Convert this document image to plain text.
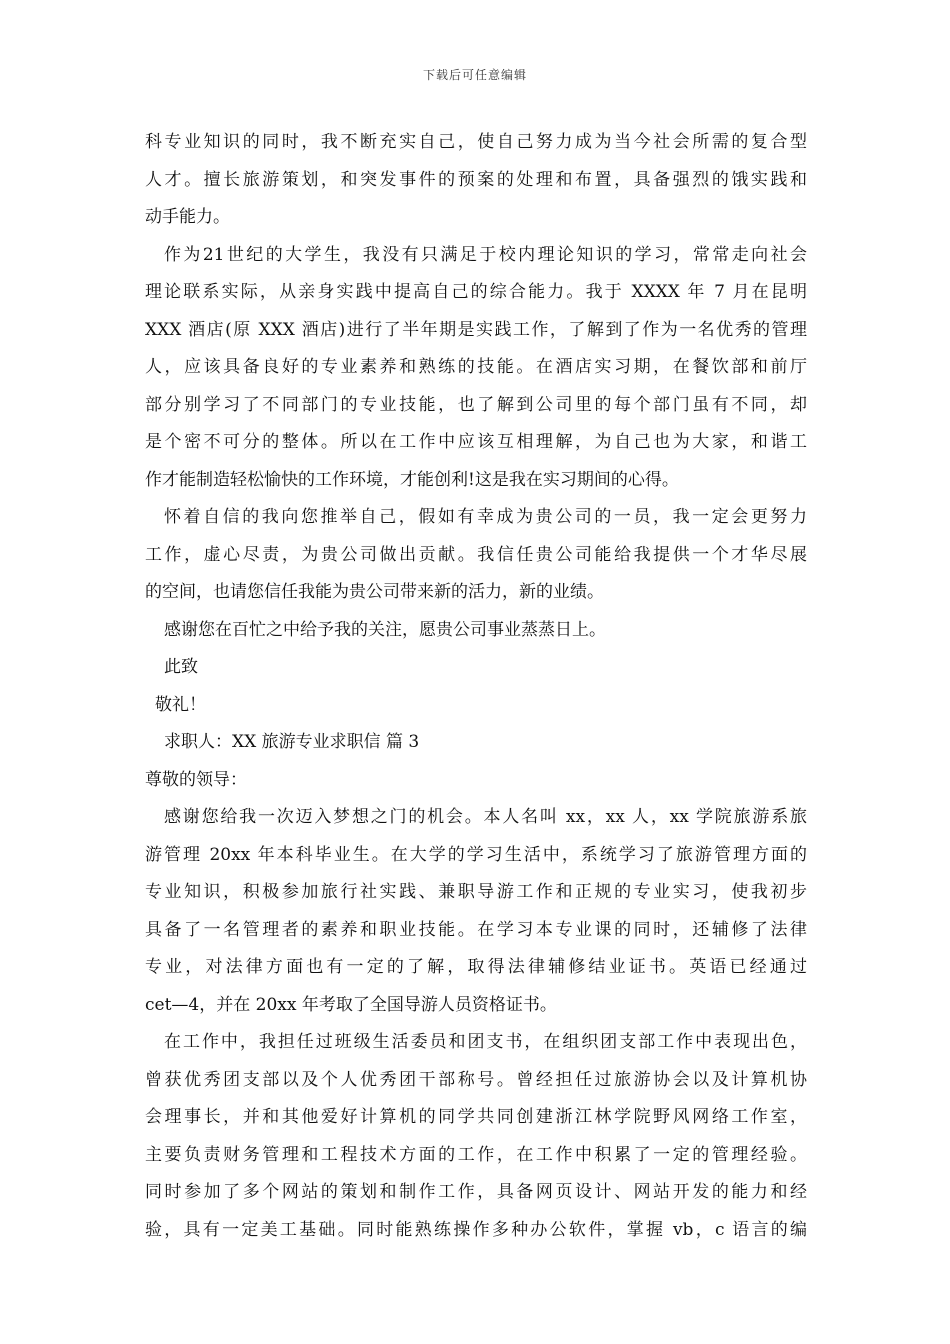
下载后可任意编辑
科专业知识的同时，我不断充实自己，使自己努力成为当今社会所需的复合型
人才。擅长旅游策划，和突发事件的预案的处理和布置，具备强烈的饿实践和
动手能力。
作为21世纪的大学生，我没有只满足于校内理论知识的学习，常常走向社会
理论联系实际，从亲身实践中提高自己的综合能力。我于 XXXX 年 7 月在昆明
XXX 酒店(原 XXX 酒店)进行了半年期是实践工作，了解到了作为一名优秀的管理
人，应该具备良好的专业素养和熟练的技能。在酒店实习期，在餐饮部和前厅
部分别学习了不同部门的专业技能，也了解到公司里的每个部门虽有不同，却
是个密不可分的整体。所以在工作中应该互相理解，为自己也为大家，和谐工
作才能制造轻松愉快的工作环境，才能创利!这是我在实习期间的心得。
怀着自信的我向您推举自己，假如有幸成为贵公司的一员，我一定会更努力
工作，虚心尽责，为贵公司做出贡献。我信任贵公司能给我提供一个才华尽展
的空间，也请您信任我能为贵公司带来新的活力，新的业绩。
感谢您在百忙之中给予我的关注，愿贵公司事业蒸蒸日上。
此致
敬礼！
求职人：XX 旅游专业求职信 篇 3
尊敬的领导：
感谢您给我一次迈入梦想之门的机会。本人名叫 xx，xx 人，xx 学院旅游系旅
游管理 20xx 年本科毕业生。在大学的学习生活中，系统学习了旅游管理方面的
专业知识，积极参加旅行社实践、兼职导游工作和正规的专业实习，使我初步
具备了一名管理者的素养和职业技能。在学习本专业课的同时，还辅修了法律
专业，对法律方面也有一定的了解，取得法律辅修结业证书。英语已经通过
cet—4，并在 20xx 年考取了全国导游人员资格证书。
在工作中，我担任过班级生活委员和团支书，在组织团支部工作中表现出色，
曾获优秀团支部以及个人优秀团干部称号。曾经担任过旅游协会以及计算机协
会理事长，并和其他爱好计算机的同学共同创建浙江林学院野风网络工作室，
主要负责财务管理和工程技术方面的工作，在工作中积累了一定的管理经验。
同时参加了多个网站的策划和制作工作，具备网页设计、网站开发的能力和经
验，具有一定美工基础。同时能熟练操作多种办公软件，掌握 vb，c 语言的编
